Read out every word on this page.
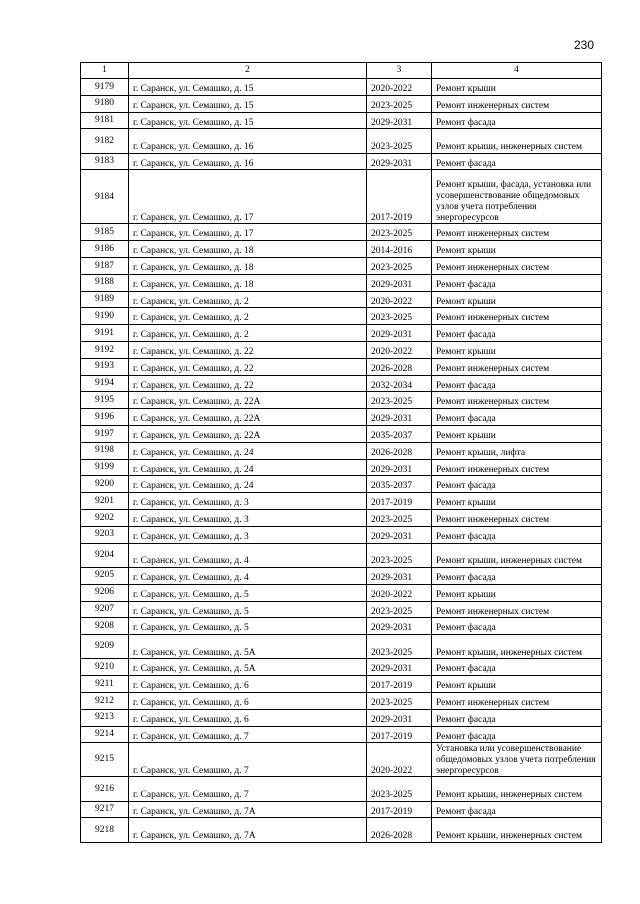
230
1	2	3	4
9179	г. Саранск, ул. Семашко, д. 15	2020-2022	Ремонт крыши
9180	г. Саранск, ул. Семашко, д. 15	2023-2025	Ремонт инженерных систем
9181	г. Саранск, ул. Семашко, д. 15	2029-2031	Ремонт фасада
9182	г. Саранск, ул. Семашко, д. 16	2023-2025	Ремонт крыши, инженерных систем
9183	г. Саранск, ул. Семашко, д. 16	2029-2031	Ремонт фасада
9184	г. Саранск, ул. Семашко, д. 17	2017-2019	Ремонт крыши, фасада, установка или усовершенствование общедомовых узлов учета потребления энергоресурсов
9185	г. Саранск, ул. Семашко, д. 17	2023-2025	Ремонт инженерных систем
9186	г. Саранск, ул. Семашко, д. 18	2014-2016	Ремонт крыши
9187	г. Саранск, ул. Семашко, д. 18	2023-2025	Ремонт инженерных систем
9188	г. Саранск, ул. Семашко, д. 18	2029-2031	Ремонт фасада
9189	г. Саранск, ул. Семашко, д. 2	2020-2022	Ремонт крыши
9190	г. Саранск, ул. Семашко, д. 2	2023-2025	Ремонт инженерных систем
9191	г. Саранск, ул. Семашко, д. 2	2029-2031	Ремонт фасада
9192	г. Саранск, ул. Семашко, д. 22	2020-2022	Ремонт крыши
9193	г. Саранск, ул. Семашко, д. 22	2026-2028	Ремонт инженерных систем
9194	г. Саранск, ул. Семашко, д. 22	2032-2034	Ремонт фасада
9195	г. Саранск, ул. Семашко, д. 22А	2023-2025	Ремонт инженерных систем
9196	г. Саранск, ул. Семашко, д. 22А	2029-2031	Ремонт фасада
9197	г. Саранск, ул. Семашко, д. 22А	2035-2037	Ремонт крыши
9198	г. Саранск, ул. Семашко, д. 24	2026-2028	Ремонт крыши, лифта
9199	г. Саранск, ул. Семашко, д. 24	2029-2031	Ремонт инженерных систем
9200	г. Саранск, ул. Семашко, д. 24	2035-2037	Ремонт фасада
9201	г. Саранск, ул. Семашко, д. 3	2017-2019	Ремонт крыши
9202	г. Саранск, ул. Семашко, д. 3	2023-2025	Ремонт инженерных систем
9203	г. Саранск, ул. Семашко, д. 3	2029-2031	Ремонт фасада
9204	г. Саранск, ул. Семашко, д. 4	2023-2025	Ремонт крыши, инженерных систем
9205	г. Саранск, ул. Семашко, д. 4	2029-2031	Ремонт фасада
9206	г. Саранск, ул. Семашко, д. 5	2020-2022	Ремонт крыши
9207	г. Саранск, ул. Семашко, д. 5	2023-2025	Ремонт инженерных систем
9208	г. Саранск, ул. Семашко, д. 5	2029-2031	Ремонт фасада
9209	г. Саранск, ул. Семашко, д. 5А	2023-2025	Ремонт крыши, инженерных систем
9210	г. Саранск, ул. Семашко, д. 5А	2029-2031	Ремонт фасада
9211	г. Саранск, ул. Семашко, д. 6	2017-2019	Ремонт крыши
9212	г. Саранск, ул. Семашко, д. 6	2023-2025	Ремонт инженерных систем
9213	г. Саранск, ул. Семашко, д. 6	2029-2031	Ремонт фасада
9214	г. Саранск, ул. Семашко, д. 7	2017-2019	Ремонт фасада
9215	г. Саранск, ул. Семашко, д. 7	2020-2022	Установка или усовершенствование общедомовых узлов учета потребления энергоресурсов
9216	г. Саранск, ул. Семашко, д. 7	2023-2025	Ремонт крыши, инженерных систем
9217	г. Саранск, ул. Семашко, д. 7А	2017-2019	Ремонт фасада
9218	г. Саранск, ул. Семашко, д. 7А	2026-2028	Ремонт крыши, инженерных систем
